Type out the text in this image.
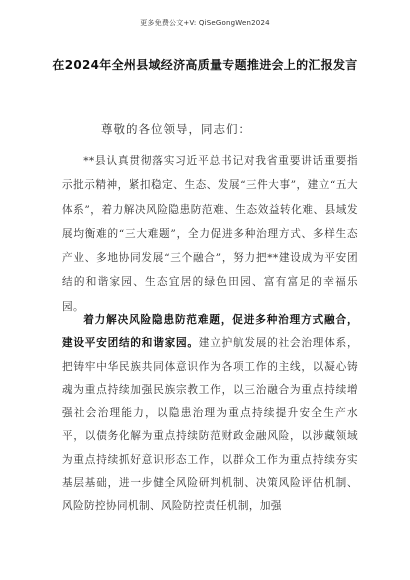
更多免费公文+V: QiSeGongWen2024
在2024年全州县域经济高质量专题推进会上的汇报发言
尊敬的各位领导，同志们：

**县认真贯彻落实习近平总书记对我省重要讲话重要指示批示精神，紧扣稳定、生态、发展“三件大事”，建立“五大体系”，着力解决风险隐患防范难、生态效益转化难、县域发展均衡难的“三大难题”，全力促进多种治理方式、多样生态产业、多地协同发展“三个融合”，努力把**建设成为平安团结的和谐家园、生态宜居的绿色田园、富有富足的幸福乐园。

着力解决风险隐患防范难题，促进多种治理方式融合，建设平安团结的和谐家园。建立护航发展的社会治理体系，把铸牢中华民族共同体意识作为各项工作的主线，以凝心铸魂为重点持续加强民族宗教工作，以三治融合为重点持续增强社会治理能力，以隐患治理为重点持续提升安全生产水平，以债务化解为重点持续防范财政金融风险，以涉藏领域为重点持续抓好意识形态工作，以群众工作为重点持续夯实基层基础，进一步健全风险研判机制、决策风险评估机制、风险防控协同机制、风险防控责任机制，加强
